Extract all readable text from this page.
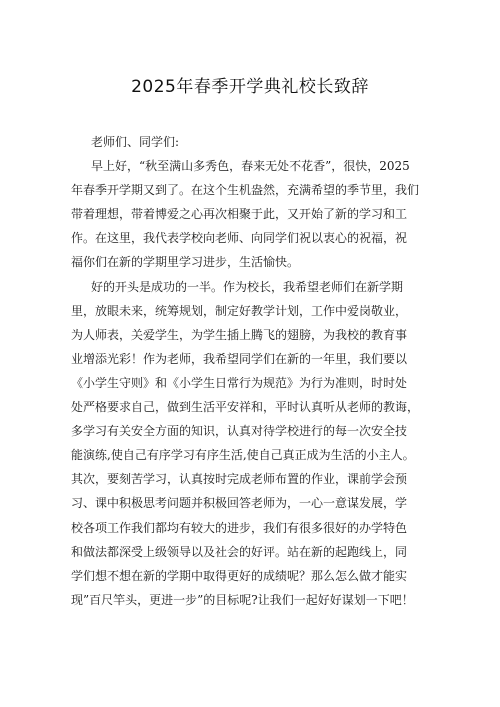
2025年春季开学典礼校长致辞
老师们、同学们:
早上好，“秋至满山多秀色，春来无处不花香”，很快，2025
年春季开学期又到了。在这个生机盎然，充满希望的季节里，我们
带着理想，带着博爱之心再次相聚于此，又开始了新的学习和工
作。在这里，我代表学校向老师、向同学们祝以衷心的祝福，祝
福你们在新的学期里学习进步，生活愉快。
好的开头是成功的一半。作为校长，我希望老师们在新学期
里，放眼未来，统筹规划，制定好教学计划，工作中爱岗敬业，
为人师表，关爱学生，为学生插上腾飞的翅膀，为我校的教育事
业增添光彩！作为老师，我希望同学们在新的一年里，我们要以
《小学生守则》和《小学生日常行为规范》为行为准则，时时处
处严格要求自己，做到生活平安祥和，平时认真听从老师的教诲，
多学习有关安全方面的知识，认真对待学校进行的每一次安全技
能演练,使自己有序学习有序生活,使自己真正成为生活的小主人。
其次，要刻苦学习，认真按时完成老师布置的作业，课前学会预
习、课中积极思考问题并积极回答老师为，一心一意谋发展，学
校各项工作我们都均有较大的进步，我们有很多很好的办学特色
和做法都深受上级领导以及社会的好评。站在新的起跑线上，同
学们想不想在新的学期中取得更好的成绩呢？那么怎么做才能实
现”百尺竿头，更进一步”的目标呢?让我们一起好好谋划一下吧！
